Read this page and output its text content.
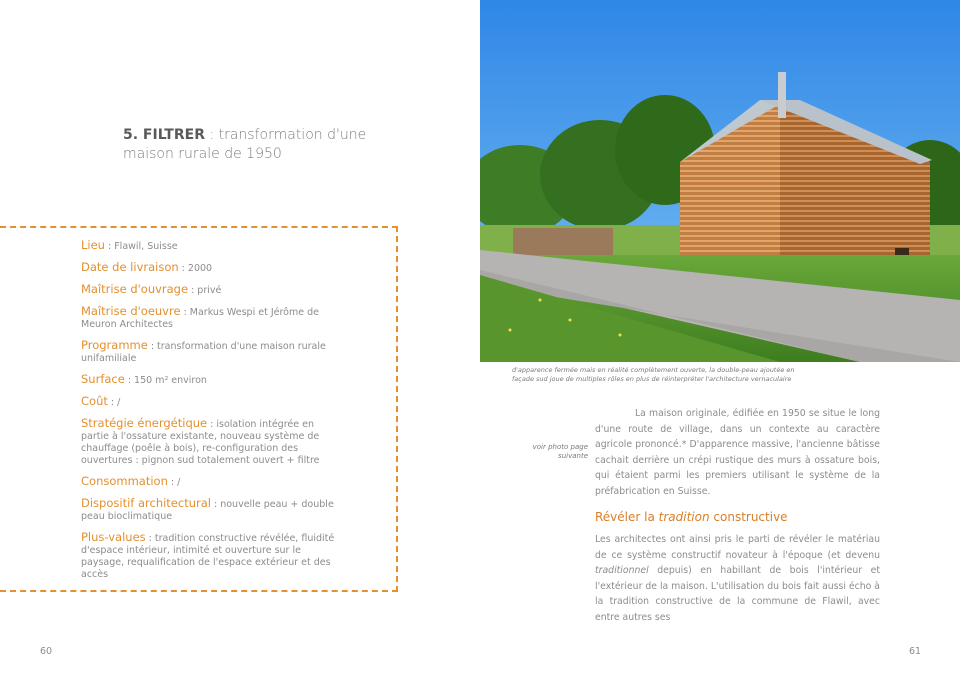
5. FILTRER : transformation d'une maison rurale de 1950
Lieu : Flawil, Suisse
Date de livraison : 2000
Maîtrise d'ouvrage : privé
Maîtrise d'oeuvre : Markus Wespi et Jérôme de Meuron Architectes
Programme : transformation d'une maison rurale unifamiliale
Surface : 150 m² environ
Coût : /
Stratégie énergétique : isolation intégrée en partie à l'ossature existante, nouveau système de chauffage (poêle à bois), re-configuration des ouvertures : pignon sud totalement ouvert + filtre
Consommation : /
Dispositif architectural : nouvelle peau + double peau bioclimatique
Plus-values : tradition constructive révélée, fluidité d'espace intérieur, intimité et ouverture sur le paysage, requalification de l'espace extérieur et des accès
60
d'apparence fermée mais en réalité complètement ouverte, la double-peau ajoutée en façade sud joue de multiples rôles en plus de réinterpréter l'architecture vernaculaire
voir photo page suivante
La maison originale, édifiée en 1950 se situe le long d'une route de village, dans un contexte au caractère agricole prononcé.* D'apparence massive, l'ancienne bâtisse cachait derrière un crépi rustique des murs à ossature bois, qui étaient parmi les premiers utilisant le système de la préfabrication en Suisse.
Révéler la tradition constructive
Les architectes ont ainsi pris le parti de révéler le matériau de ce système constructif novateur à l'époque (et devenu traditionnel depuis) en habillant de bois l'intérieur et l'extérieur de la maison. L'utilisation du bois fait aussi écho à la tradition constructive de la commune de Flawil, avec entre autres ses
61
